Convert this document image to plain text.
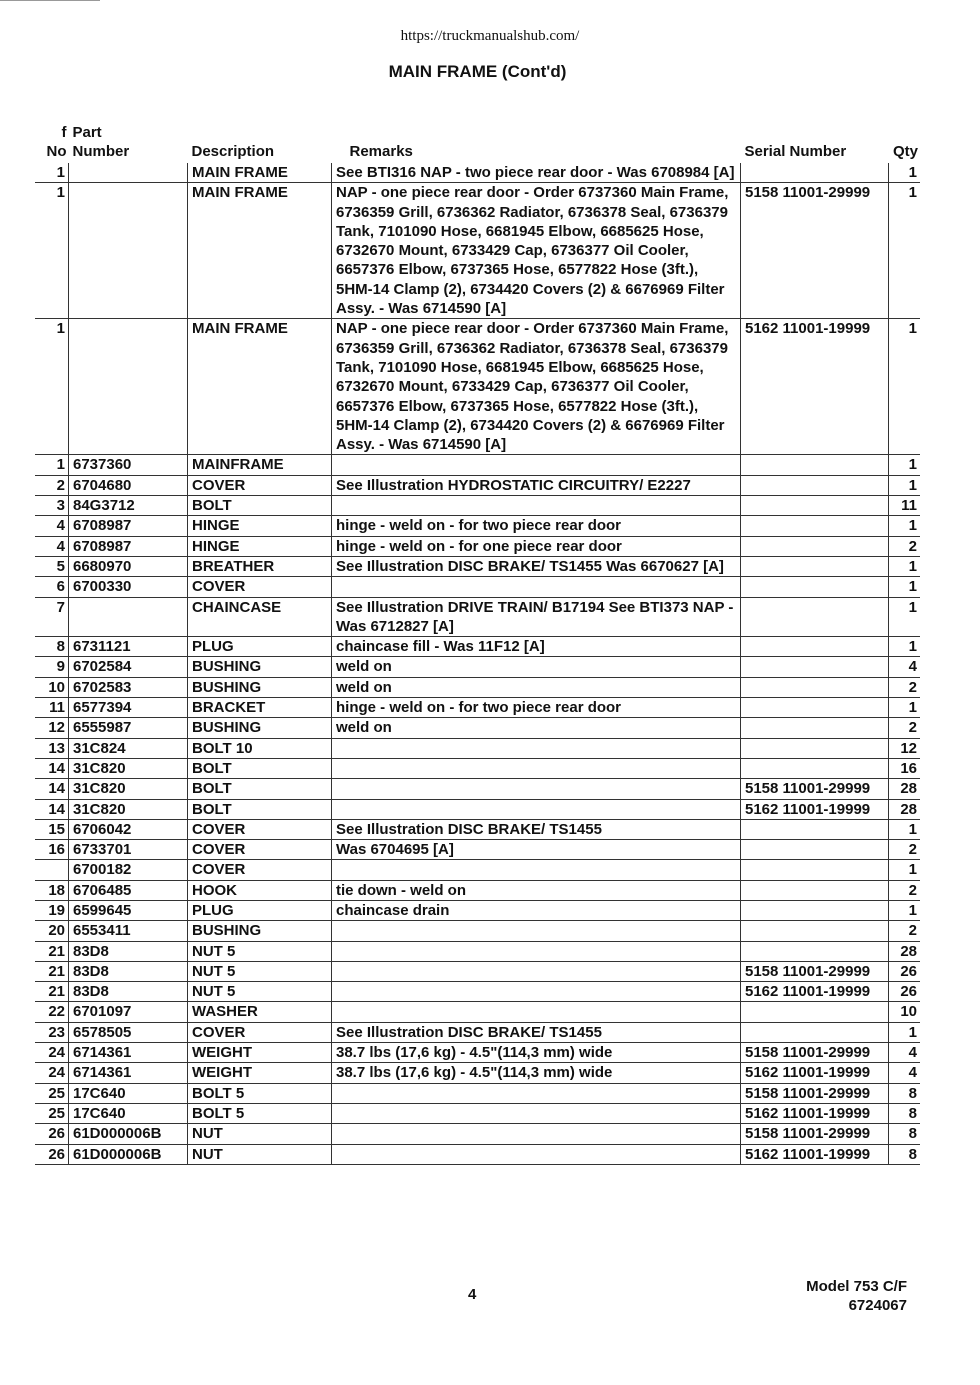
https://truckmanualshub.com/
MAIN FRAME (Cont'd)
f
No	Part
Number	Description	Remarks	Serial Number	Qty
1		MAIN FRAME	See BTI316 NAP - two piece rear door - Was 6708984 [A]		1
1		MAIN FRAME	NAP - one piece rear door - Order 6737360 Main Frame, 6736359 Grill, 6736362 Radiator, 6736378 Seal, 6736379 Tank, 7101090 Hose, 6681945 Elbow, 6685625 Hose, 6732670 Mount, 6733429 Cap, 6736377 Oil Cooler, 6657376 Elbow, 6737365 Hose, 6577822 Hose (3ft.), 5HM-14 Clamp (2), 6734420 Covers (2) & 6676969 Filter Assy. - Was 6714590 [A]	5158 11001-29999	1
1		MAIN FRAME	NAP - one piece rear door - Order 6737360 Main Frame, 6736359 Grill, 6736362 Radiator, 6736378 Seal, 6736379 Tank, 7101090 Hose, 6681945 Elbow, 6685625 Hose, 6732670 Mount, 6733429 Cap, 6736377 Oil Cooler, 6657376 Elbow, 6737365 Hose, 6577822 Hose (3ft.), 5HM-14 Clamp (2), 6734420 Covers (2) & 6676969 Filter Assy. - Was 6714590 [A]	5162 11001-19999	1
1	6737360	MAINFRAME			1
2	6704680	COVER	See Illustration HYDROSTATIC CIRCUITRY/ E2227		1
3	84G3712	BOLT			11
4	6708987	HINGE	hinge - weld on - for two piece rear door		1
4	6708987	HINGE	hinge - weld on - for one piece rear door		2
5	6680970	BREATHER	See Illustration DISC BRAKE/ TS1455 Was 6670627 [A]		1
6	6700330	COVER			1
7		CHAINCASE	See Illustration DRIVE TRAIN/ B17194 See BTI373 NAP - Was 6712827 [A]		1
8	6731121	PLUG	chaincase fill - Was 11F12 [A]		1
9	6702584	BUSHING	weld on		4
10	6702583	BUSHING	weld on		2
11	6577394	BRACKET	hinge - weld on - for two piece rear door		1
12	6555987	BUSHING	weld on		2
13	31C824	BOLT 10			12
14	31C820	BOLT			16
14	31C820	BOLT		5158 11001-29999	28
14	31C820	BOLT		5162 11001-19999	28
15	6706042	COVER	See Illustration DISC BRAKE/ TS1455		1
16	6733701	COVER	Was 6704695 [A]		2
	6700182	COVER			1
18	6706485	HOOK	tie down - weld on		2
19	6599645	PLUG	chaincase drain		1
20	6553411	BUSHING			2
21	83D8	NUT 5			28
21	83D8	NUT 5		5158 11001-29999	26
21	83D8	NUT 5		5162 11001-19999	26
22	6701097	WASHER			10
23	6578505	COVER	See Illustration DISC BRAKE/ TS1455		1
24	6714361	WEIGHT	38.7 lbs (17,6 kg) - 4.5"(114,3 mm) wide	5158 11001-29999	4
24	6714361	WEIGHT	38.7 lbs (17,6 kg) - 4.5"(114,3 mm) wide	5162 11001-19999	4
25	17C640	BOLT 5		5158 11001-29999	8
25	17C640	BOLT 5		5162 11001-19999	8
26	61D000006B	NUT		5158 11001-29999	8
26	61D000006B	NUT		5162 11001-19999	8
4	Model 753 C/F
6724067
